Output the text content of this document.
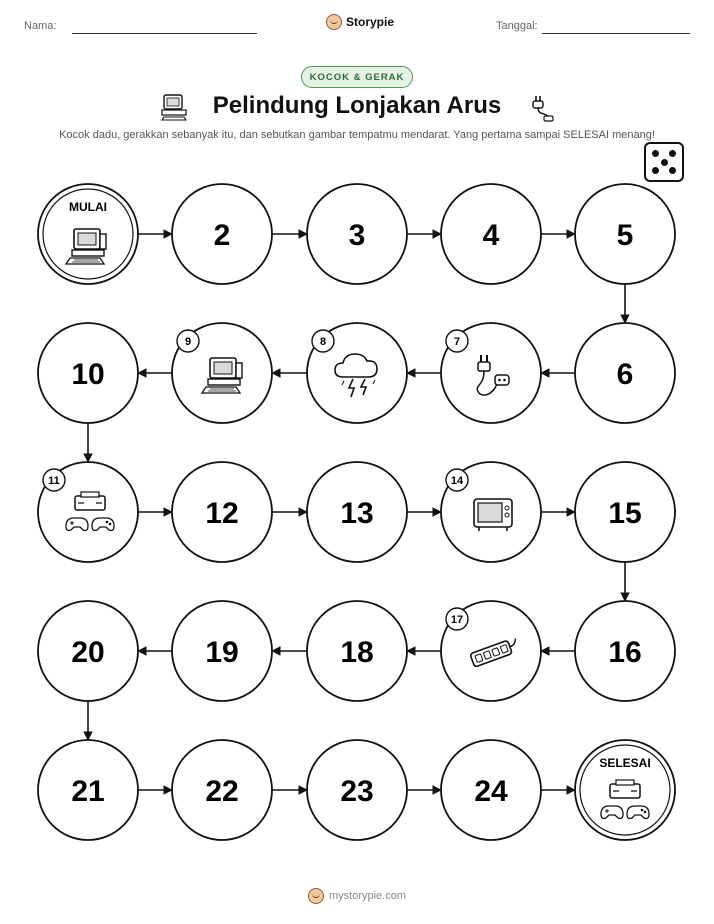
Nama:	Storypie	Tanggal:
KOCOK & GERAK
Pelindung Lonjakan Arus
Kocok dadu, gerakkan sebanyak itu, dan sebutkan gambar tempatmu mendarat. Yang pertama sampai SELESAI menang!
MULAI
2	3	4	5
6
7
8
9
10
11
12	13
14
15
16
17
18
19
20
21	22	23	24
SELESAI
mystorypie.com
